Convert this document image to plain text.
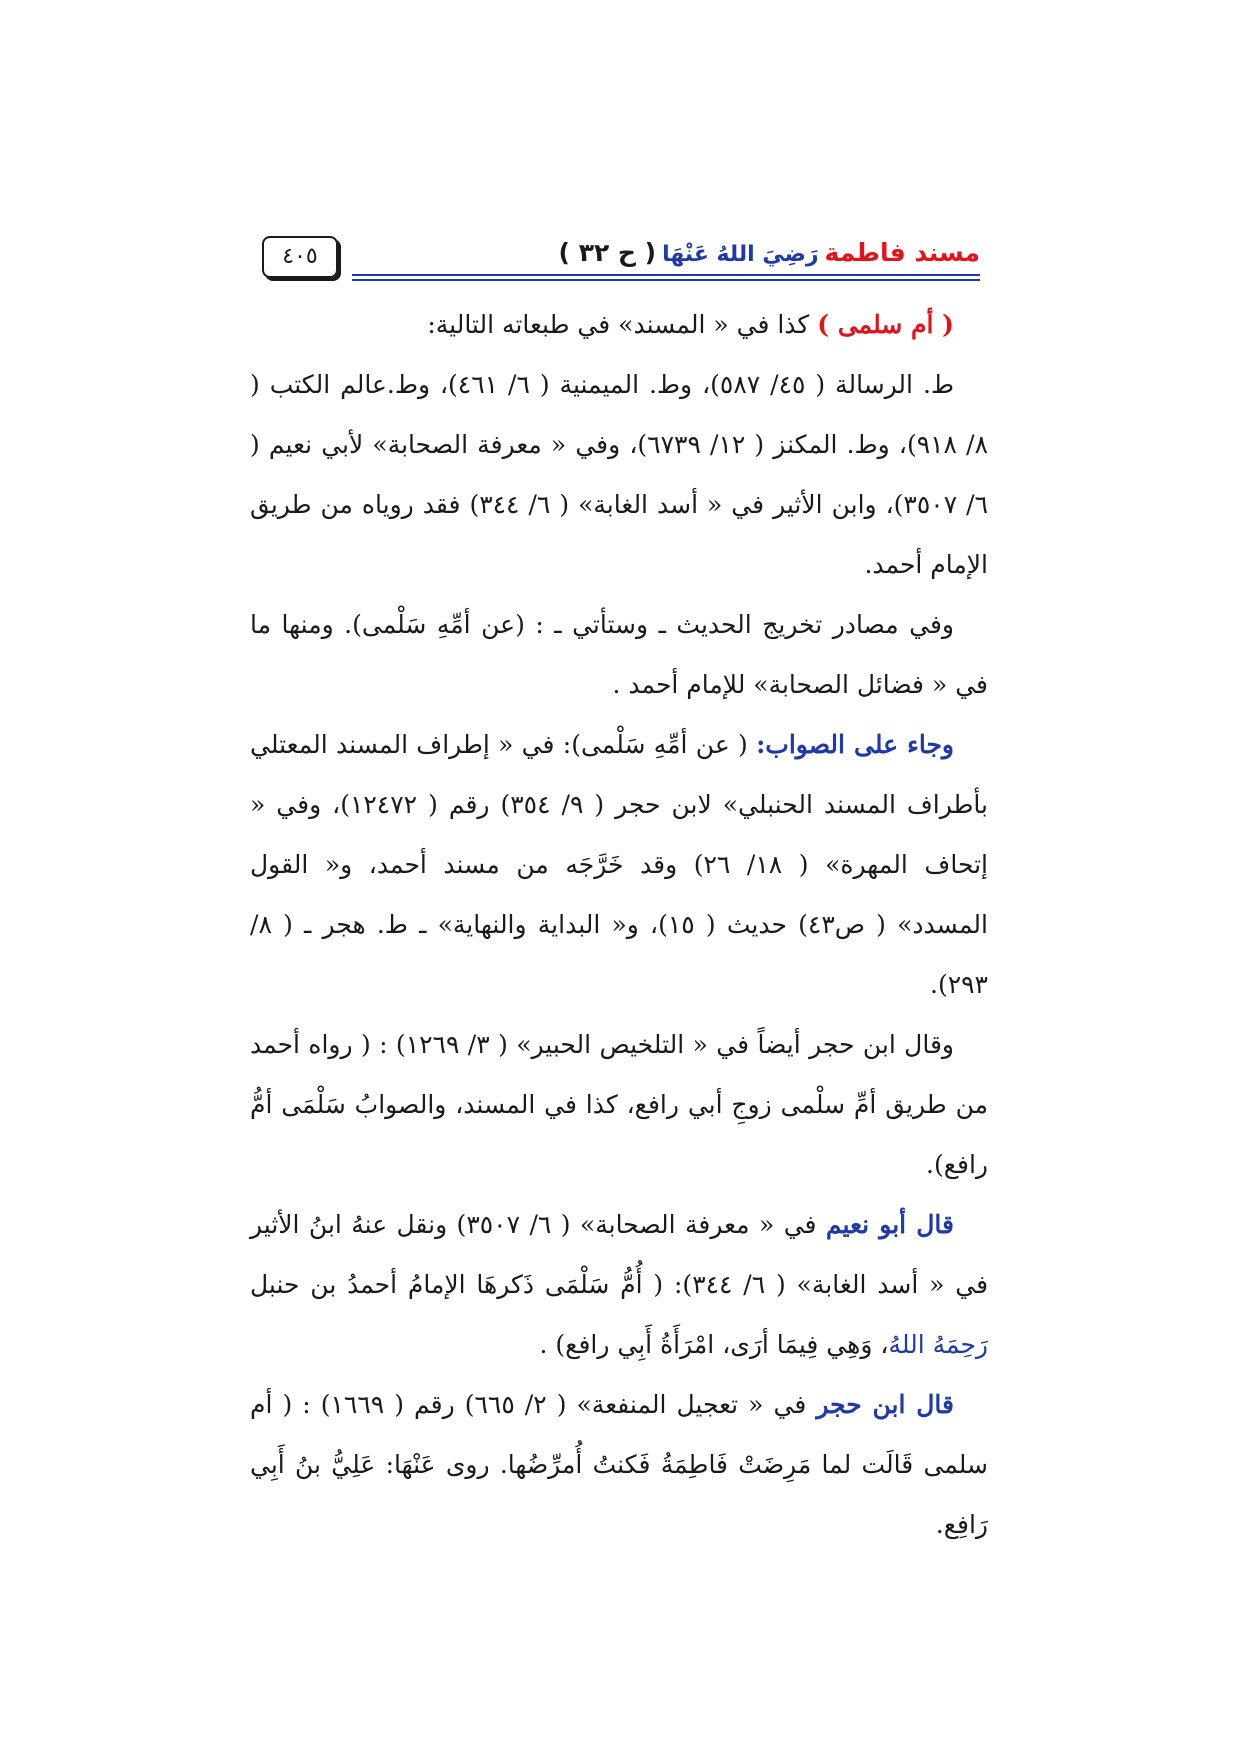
مسند فاطمةرَضِيَ اللهُ عَنْهَا( ح ٣٢ )
٤٠٥

( أم سلمى ) كذا في « المسند» في طبعاته التالية:

ط. الرسالة ( ٤٥/ ٥٨٧)، وط. الميمنية ( ٦/ ٤٦١)، وط.عالم الكتب ( ٨/ ٩١٨)، وط. المكنز ( ١٢/ ٦٧٣٩)، وفي « معرفة الصحابة» لأبي نعيم ( ٦/ ٣٥٠٧)، وابن الأثير في « أسد الغابة» ( ٦/ ٣٤٤) فقد روياه من طريق الإمام أحمد.

وفي مصادر تخريج الحديث ـ وستأتي ـ : (عن أمِّهِ سَلْمى). ومنها ما في « فضائل الصحابة» للإمام أحمد .

وجاء على الصواب: ( عن أمِّهِ سَلْمى): في « إطراف المسند المعتلي بأطراف المسند الحنبلي» لابن حجر ( ٩/ ٣٥٤) رقم ( ١٢٤٧٢)، وفي « إتحاف المهرة» ( ١٨/ ٢٦) وقد خَرَّجَه من مسند أحمد، و« القول المسدد» ( ص٤٣) حديث ( ١٥)، و« البداية والنهاية» ـ ط. هجر ـ ( ٨/ ٢٩٣).

وقال ابن حجر أيضاً في « التلخيص الحبير» ( ٣/ ١٢٦٩) : ( رواه أحمد من طريق أمِّ سلْمى زوجِ أبي رافع، كذا في المسند، والصوابُ سَلْمَى أمُّ رافع).

قال أبو نعيم في « معرفة الصحابة» ( ٦/ ٣٥٠٧) ونقل عنهُ ابنُ الأثير في « أسد الغابة» ( ٦/ ٣٤٤): ( أُمُّ سَلْمَى ذَكرهَا الإمامُ أحمدُ بن حنبل رَحِمَهُ اللهُ، وَهِي فِيمَا أرَى، امْرَأَةُ أَبِي رافع) .

قال ابن حجر في « تعجيل المنفعة» ( ٢/ ٦٦٥) رقم ( ١٦٦٩) : ( أم سلمى قَالَت لما مَرِضَتْ فَاطِمَةُ فَكنتُ أُمرِّضُها. روى عَنْهَا: عَلِيُّ بنُ أَبِي رَافِع.
